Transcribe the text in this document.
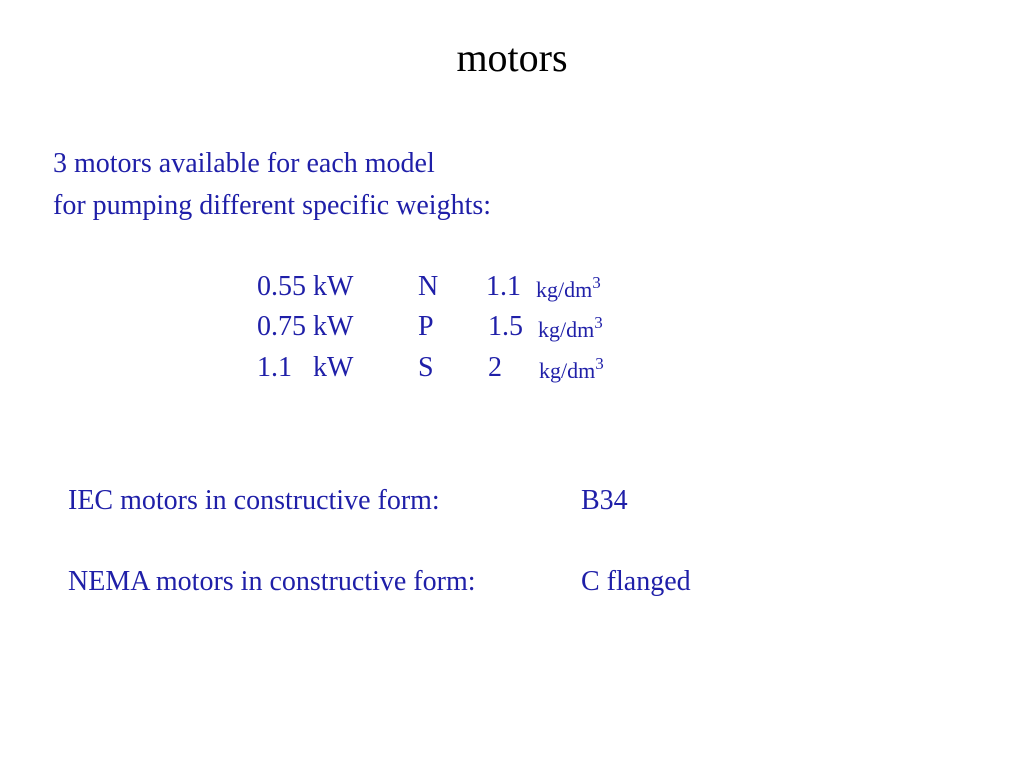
motors
3 motors available for each model
for pumping different specific weights:
0.55 kW N 1.1 $kg/dm^3$
0.75 kW P 1.5 $kg/dm^3$
1.1   kW S 2 $kg/dm^3$
IEC motors in constructive form:	B34
NEMA motors in constructive form:	C flanged
